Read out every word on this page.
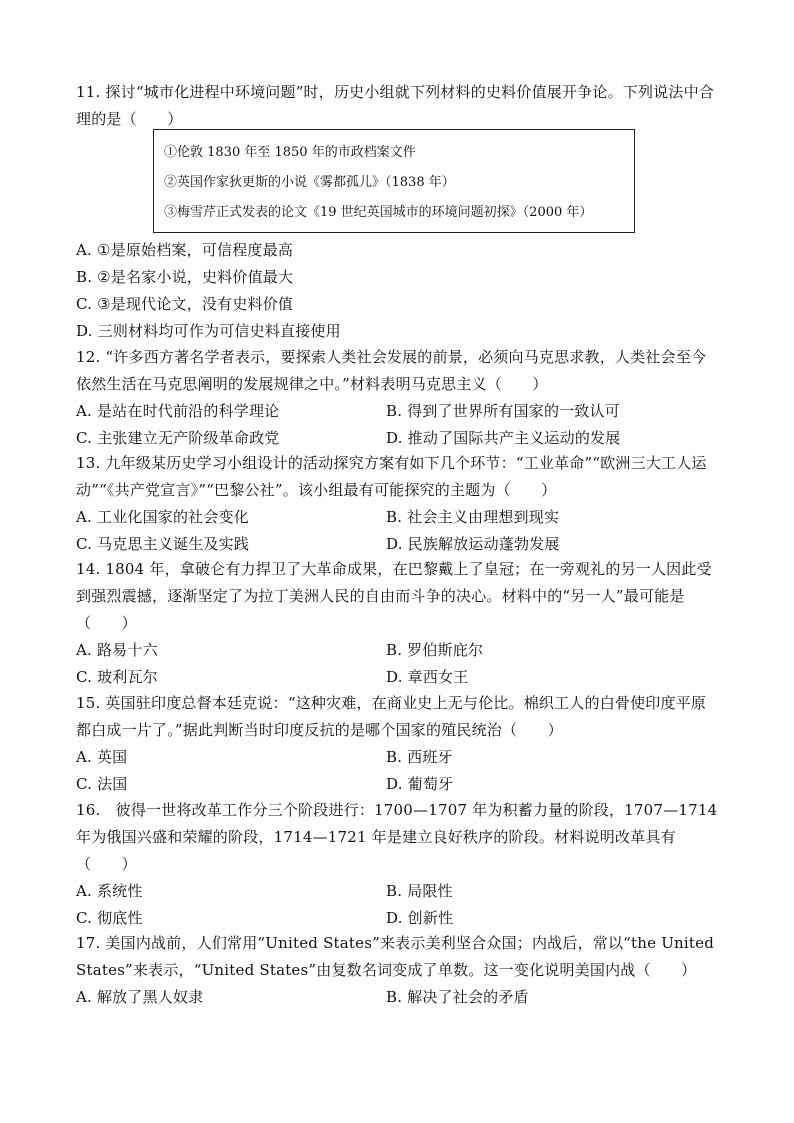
11. 探讨“城市化进程中环境问题”时，历史小组就下列材料的史料价值展开争论。下列说法中合理的是（　　）
①伦敦 1830 年至 1850 年的市政档案文件
②英国作家狄更斯的小说《雾都孤儿》（1838 年）
③梅雪芹正式发表的论文《19 世纪英国城市的环境问题初探》（2000 年）
A. ①是原始档案，可信程度最高
B. ②是名家小说，史料价值最大
C. ③是现代论文，没有史料价值
D. 三则材料均可作为可信史料直接使用
12. “许多西方著名学者表示，要探索人类社会发展的前景，必须向马克思求教，人类社会至今依然生活在马克思阐明的发展规律之中。”材料表明马克思主义（　　）
A. 是站在时代前沿的科学理论	B. 得到了世界所有国家的一致认可
C. 主张建立无产阶级革命政党	D. 推动了国际共产主义运动的发展
13. 九年级某历史学习小组设计的活动探究方案有如下几个环节：“工业革命”“欧洲三大工人运动”“《共产党宣言》”“巴黎公社”。该小组最有可能探究的主题为（　　）
A. 工业化国家的社会变化	B. 社会主义由理想到现实
C. 马克思主义诞生及实践	D. 民族解放运动蓬勃发展
14. 1804 年，拿破仑有力捍卫了大革命成果，在巴黎戴上了皇冠；在一旁观礼的另一人因此受到强烈震撼，逐渐坚定了为拉丁美洲人民的自由而斗争的决心。材料中的“另一人”最可能是（　　）
A. 路易十六	B. 罗伯斯庇尔
C. 玻利瓦尔	D. 章西女王
15. 英国驻印度总督本廷克说：“这种灾难，在商业史上无与伦比。棉织工人的白骨使印度平原都白成一片了。”据此判断当时印度反抗的是哪个国家的殖民统治（　　）
A. 英国	B. 西班牙
C. 法国	D. 葡萄牙
16.　彼得一世将改革工作分三个阶段进行：1700—1707 年为积蓄力量的阶段，1707—1714 年为俄国兴盛和荣耀的阶段，1714—1721 年是建立良好秩序的阶段。材料说明改革具有（　　）
A. 系统性	B. 局限性
C. 彻底性	D. 创新性
17. 美国内战前，人们常用“United States”来表示美利坚合众国；内战后，常以“the United States”来表示，“United States”由复数名词变成了单数。这一变化说明美国内战（　　）
A. 解放了黑人奴隶	B. 解决了社会的矛盾
